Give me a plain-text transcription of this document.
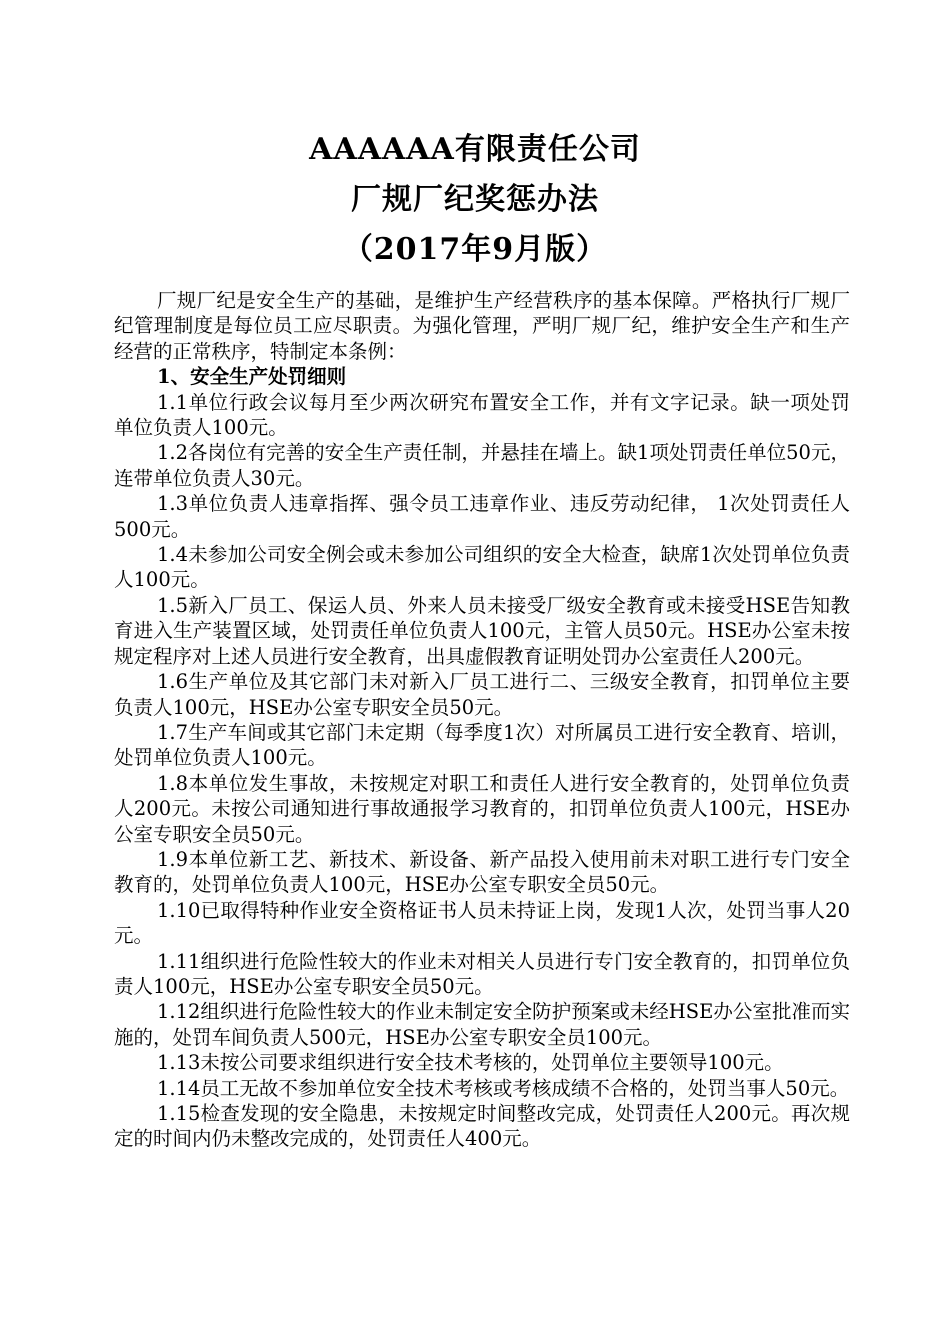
AAAAAA有限责任公司
厂规厂纪奖惩办法
（2017年9月版）

厂规厂纪是安全生产的基础，是维护生产经营秩序的基本保障。严格执行厂规厂纪管理制度是每位员工应尽职责。为强化管理，严明厂规厂纪，维护安全生产和生产经营的正常秩序，特制定本条例：

1、安全生产处罚细则

1.1单位行政会议每月至少两次研究布置安全工作，并有文字记录。缺一项处罚单位负责人100元。

1.2各岗位有完善的安全生产责任制，并悬挂在墙上。缺1项处罚责任单位50元，连带单位负责人30元。

1.3单位负责人违章指挥、强令员工违章作业、违反劳动纪律， 1次处罚责任人500元。

1.4未参加公司安全例会或未参加公司组织的安全大检查，缺席1次处罚单位负责人100元。

1.5新入厂员工、保运人员、外来人员未接受厂级安全教育或未接受HSE告知教育进入生产装置区域，处罚责任单位负责人100元，主管人员50元。HSE办公室未按规定程序对上述人员进行安全教育，出具虚假教育证明处罚办公室责任人200元。

1.6生产单位及其它部门未对新入厂员工进行二、三级安全教育，扣罚单位主要负责人100元，HSE办公室专职安全员50元。

1.7生产车间或其它部门未定期（每季度1次）对所属员工进行安全教育、培训，处罚单位负责人100元。

1.8本单位发生事故，未按规定对职工和责任人进行安全教育的，处罚单位负责人200元。未按公司通知进行事故通报学习教育的，扣罚单位负责人100元，HSE办公室专职安全员50元。

1.9本单位新工艺、新技术、新设备、新产品投入使用前未对职工进行专门安全教育的，处罚单位负责人100元，HSE办公室专职安全员50元。

1.10已取得特种作业安全资格证书人员未持证上岗，发现1人次，处罚当事人20元。

1.11组织进行危险性较大的作业未对相关人员进行专门安全教育的，扣罚单位负责人100元，HSE办公室专职安全员50元。

1.12组织进行危险性较大的作业未制定安全防护预案或未经HSE办公室批准而实施的，处罚车间负责人500元，HSE办公室专职安全员100元。

1.13未按公司要求组织进行安全技术考核的，处罚单位主要领导100元。

1.14员工无故不参加单位安全技术考核或考核成绩不合格的，处罚当事人50元。

1.15检查发现的安全隐患，未按规定时间整改完成，处罚责任人200元。再次规定的时间内仍未整改完成的，处罚责任人400元。
